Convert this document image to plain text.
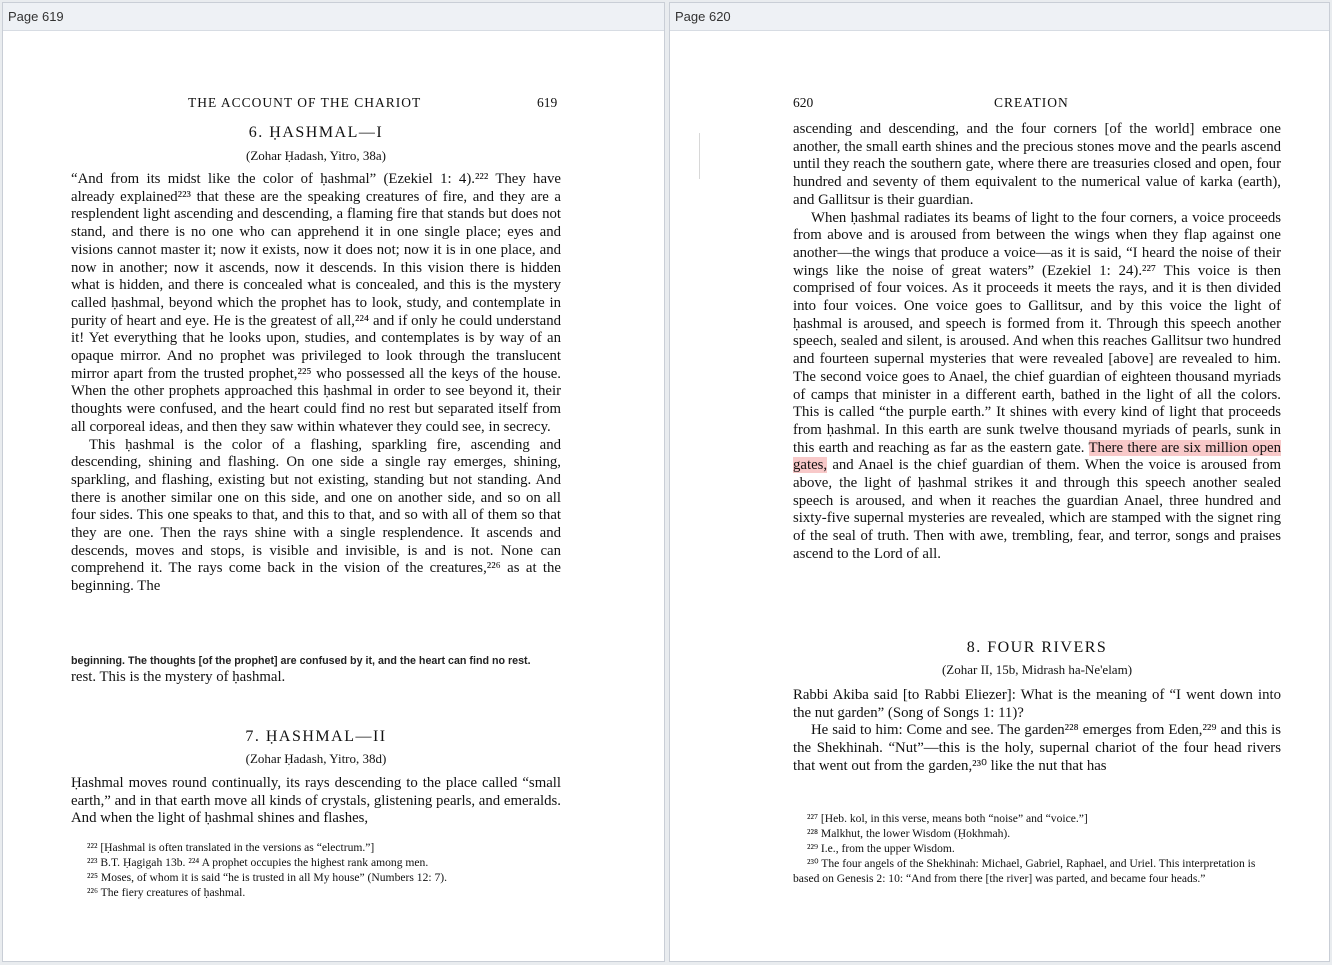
Page 619
THE ACCOUNT OF THE CHARIOT	619
6. ḤASHMAL—I
(Zohar Ḥadash, Yitro, 38a)

“And from its midst like the color of ḥashmal” (Ezekiel 1: 4).²²² They have already explained²²³ that these are the speaking creatures of fire, and they are a resplendent light ascending and descending, a flaming fire that stands but does not stand, and there is no one who can apprehend it in one single place; eyes and visions cannot master it; now it exists, now it does not; now it is in one place, and now in another; now it ascends, now it descends. In this vision there is hidden what is hidden, and there is concealed what is concealed, and this is the mystery called ḥashmal, beyond which the prophet has to look, study, and contemplate in purity of heart and eye. He is the greatest of all,²²⁴ and if only he could understand it! Yet everything that he looks upon, studies, and contemplates is by way of an opaque mirror. And no prophet was privileged to look through the translucent mirror apart from the trusted prophet,²²⁵ who possessed all the keys of the house. When the other prophets approached this ḥashmal in order to see beyond it, their thoughts were confused, and the heart could find no rest but separated itself from all corporeal ideas, and then they saw within whatever they could see, in secrecy.

This ḥashmal is the color of a flashing, sparkling fire, ascending and descending, shining and flashing. On one side a single ray emerges, shining, sparkling, and flashing, existing but not existing, standing but not standing. And there is another similar one on this side, and one on another side, and so on all four sides. This one speaks to that, and this to that, and so with all of them so that they are one. Then the rays shine with a single resplendence. It ascends and descends, moves and stops, is visible and invisible, is and is not. None can comprehend it. The rays come back in the vision of the creatures,²²⁶ as at the beginning. The

beginning. The thoughts [of the prophet] are confused by it, and the heart can find no rest.
rest. This is the mystery of ḥashmal.
7. ḤASHMAL—II
(Zohar Ḥadash, Yitro, 38d)

Ḥashmal moves round continually, its rays descending to the place called “small earth,” and in that earth move all kinds of crystals, glistening pearls, and emeralds. And when the light of ḥashmal shines and flashes,

²²² [Ḥashmal is often translated in the versions as “electrum.”]

²²³ B.T. Ḥagigah 13b. ²²⁴ A prophet occupies the highest rank among men.

²²⁵ Moses, of whom it is said “he is trusted in all My house” (Numbers 12: 7).

²²⁶ The fiery creatures of ḥashmal.

Page 620
620	CREATION

ascending and descending, and the four corners [of the world] embrace one another, the small earth shines and the precious stones move and the pearls ascend until they reach the southern gate, where there are treasuries closed and open, four hundred and seventy of them equivalent to the numerical value of karka (earth), and Gallitsur is their guardian.

When ḥashmal radiates its beams of light to the four corners, a voice proceeds from above and is aroused from between the wings when they flap against one another—the wings that produce a voice—as it is said, “I heard the noise of their wings like the noise of great waters” (Ezekiel 1: 24).²²⁷ This voice is then comprised of four voices. As it proceeds it meets the rays, and it is then divided into four voices. One voice goes to Gallitsur, and by this voice the light of ḥashmal is aroused, and speech is formed from it. Through this speech another speech, sealed and silent, is aroused. And when this reaches Gallitsur two hundred and fourteen supernal mysteries that were revealed [above] are revealed to him. The second voice goes to Anael, the chief guardian of eighteen thousand myriads of camps that minister in a different earth, bathed in the light of all the colors. This is called “the purple earth.” It shines with every kind of light that proceeds from ḥashmal. In this earth are sunk twelve thousand myriads of pearls, sunk in this earth and reaching as far as the eastern gate. There there are six million open gates, and Anael is the chief guardian of them. When the voice is aroused from above, the light of ḥashmal strikes it and through this speech another sealed speech is aroused, and when it reaches the guardian Anael, three hundred and sixty-five supernal mysteries are revealed, which are stamped with the signet ring of the seal of truth. Then with awe, trembling, fear, and terror, songs and praises ascend to the Lord of all.

8. FOUR RIVERS
(Zohar II, 15b, Midrash ha-Ne'elam)

Rabbi Akiba said [to Rabbi Eliezer]: What is the meaning of “I went down into the nut garden” (Song of Songs 1: 11)?

He said to him: Come and see. The garden²²⁸ emerges from Eden,²²⁹ and this is the Shekhinah. “Nut”—this is the holy, supernal chariot of the four head rivers that went out from the garden,²³⁰ like the nut that has

²²⁷ [Heb. kol, in this verse, means both “noise” and “voice.”]

²²⁸ Malkhut, the lower Wisdom (Ḥokhmah).

²²⁹ I.e., from the upper Wisdom.

²³⁰ The four angels of the Shekhinah: Michael, Gabriel, Raphael, and Uriel. This interpretation is based on Genesis 2: 10: “And from there [the river] was parted, and became four heads.”
